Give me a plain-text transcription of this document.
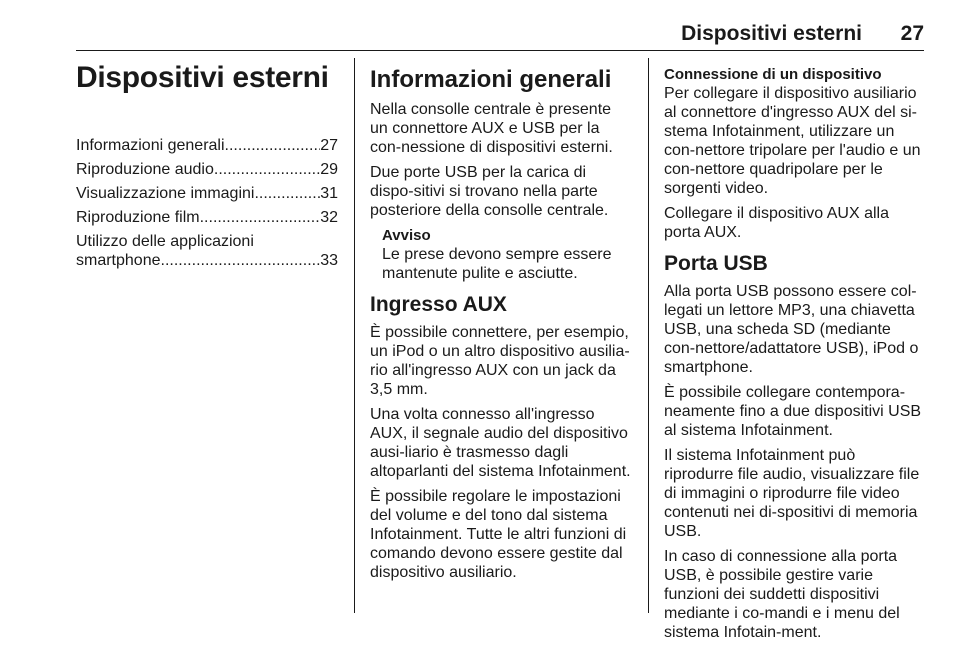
Dispositivi esterni 27
Dispositivi esterni
Informazioni generali .....	27
Riproduzione audio .....	29
Visualizzazione immagini .....	31
Riproduzione film .....	32
Utilizzo delle applicazioni
smartphone .....	33
Informazioni generali

Nella consolle centrale è presente un connettore AUX e USB per la con-nessione di dispositivi esterni.

Due porte USB per la carica di dispo-sitivi si trovano nella parte posteriore della consolle centrale.

Avviso
Le prese devono sempre essere mantenute pulite e asciutte.
Ingresso AUX

È possibile connettere, per esempio, un iPod o un altro dispositivo ausilia-rio all'ingresso AUX con un jack da 3,5 mm.

Una volta connesso all'ingresso AUX, il segnale audio del dispositivo ausi-liario è trasmesso dagli altoparlanti del sistema Infotainment.

È possibile regolare le impostazioni del volume e del tono dal sistema Infotainment. Tutte le altri funzioni di comando devono essere gestite dal dispositivo ausiliario.

Connessione di un dispositivo

Per collegare il dispositivo ausiliario al connettore d'ingresso AUX del si-stema Infotainment, utilizzare un con-nettore tripolare per l'audio e un con-nettore quadripolare per le sorgenti video.

Collegare il dispositivo AUX alla porta AUX.

Porta USB

Alla porta USB possono essere col-legati un lettore MP3, una chiavetta USB, una scheda SD (mediante con-nettore/adattatore USB), iPod o smartphone.

È possibile collegare contempora-neamente fino a due dispositivi USB al sistema Infotainment.

Il sistema Infotainment può riprodurre file audio, visualizzare file di immagini o riprodurre file video contenuti nei di-spositivi di memoria USB.

In caso di connessione alla porta USB, è possibile gestire varie funzioni dei suddetti dispositivi mediante i co-mandi e i menu del sistema Infotain-ment.
